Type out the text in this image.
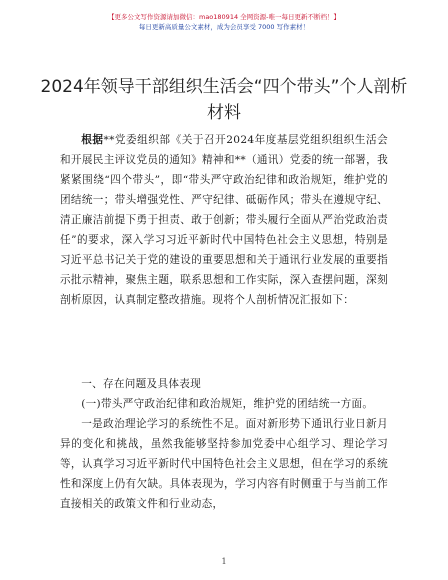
【更多公文写作资源请加微信：mao180914 全网资源-唯一每日更新不断档！】
每日更新高质量公文素材，成为会员享受 7000 写作素材！
2024年领导干部组织生活会“四个带头”个人剖析材料

根据**党委组织部《关于召开2024年度基层党组织组织生活会和开展民主评议党员的通知》精神和**（通讯）党委的统一部署，我紧紧围绕“四个带头”，即“带头严守政治纪律和政治规矩，维护党的团结统一；带头增强党性、严守纪律、砥砺作风；带头在遵规守纪、清正廉洁前提下勇于担责、敢于创新；带头履行全面从严治党政治责任”的要求，深入学习习近平新时代中国特色社会主义思想，特别是习近平总书记关于党的建设的重要思想和关于通讯行业发展的重要指示批示精神，聚焦主题，联系思想和工作实际，深入查摆问题，深刻剖析原因，认真制定整改措施。现将个人剖析情况汇报如下：

一、存在问题及具体表现

(一)带头严守政治纪律和政治规矩，维护党的团结统一方面。

一是政治理论学习的系统性不足。面对新形势下通讯行业日新月异的变化和挑战，虽然我能够坚持参加党委中心组学习、理论学习等，认真学习习近平新时代中国特色社会主义思想，但在学习的系统性和深度上仍有欠缺。具体表现为，学习内容有时侧重于与当前工作直接相关的政策文件和行业动态，

1
